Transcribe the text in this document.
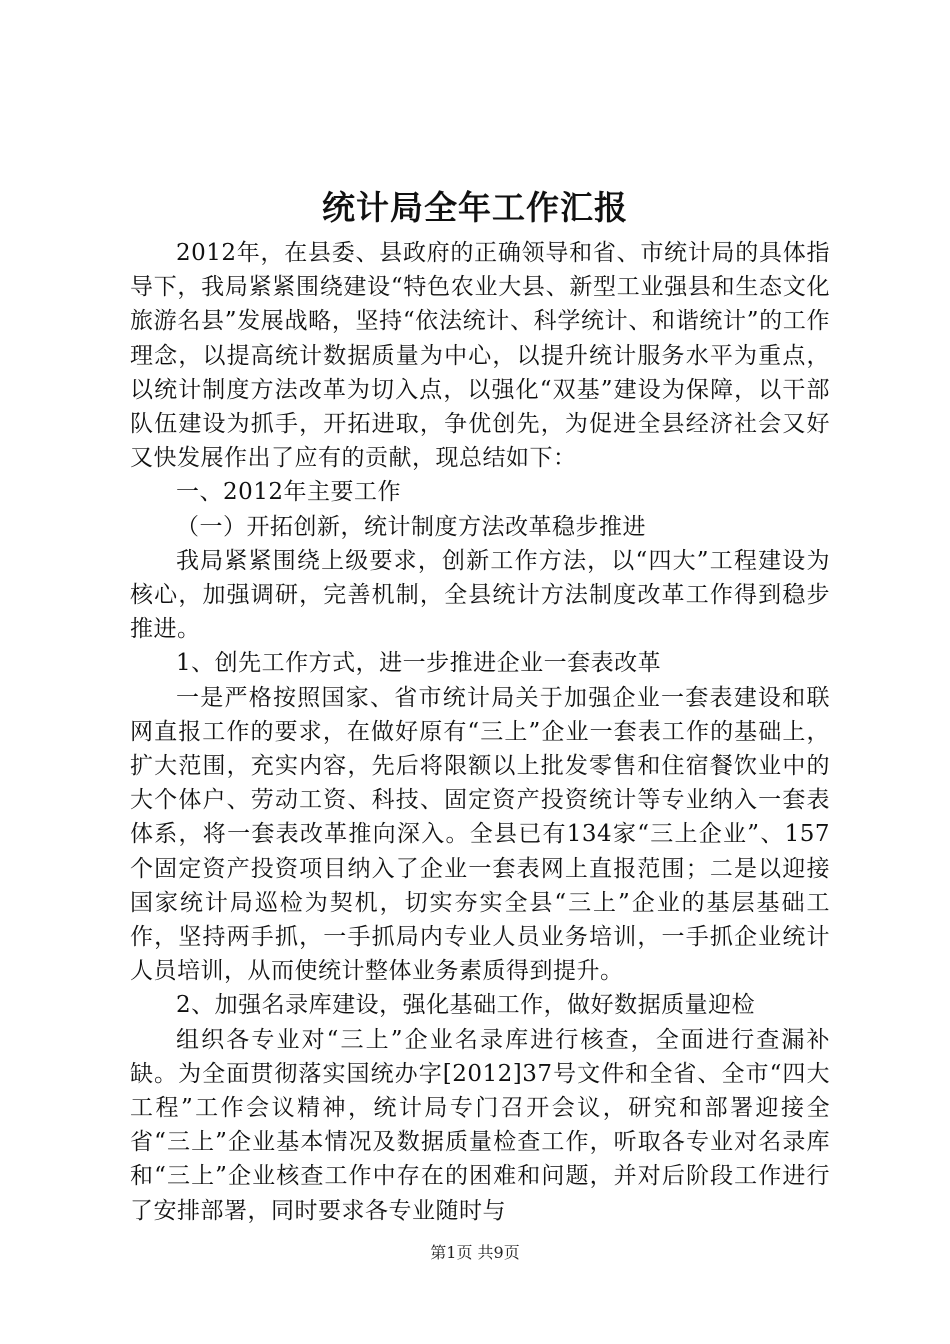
统计局全年工作汇报

2012年，在县委、县政府的正确领导和省、市统计局的具体指导下，我局紧紧围绕建设“特色农业大县、新型工业强县和生态文化旅游名县”发展战略，坚持“依法统计、科学统计、和谐统计”的工作理念，以提高统计数据质量为中心，以提升统计服务水平为重点，以统计制度方法改革为切入点，以强化“双基”建设为保障，以干部队伍建设为抓手，开拓进取，争优创先，为促进全县经济社会又好又快发展作出了应有的贡献，现总结如下：

一、2012年主要工作

（一）开拓创新，统计制度方法改革稳步推进

我局紧紧围绕上级要求，创新工作方法，以“四大”工程建设为核心，加强调研，完善机制，全县统计方法制度改革工作得到稳步推进。

1、创先工作方式，进一步推进企业一套表改革

一是严格按照国家、省市统计局关于加强企业一套表建设和联网直报工作的要求，在做好原有“三上”企业一套表工作的基础上，扩大范围，充实内容，先后将限额以上批发零售和住宿餐饮业中的大个体户、劳动工资、科技、固定资产投资统计等专业纳入一套表体系，将一套表改革推向深入。全县已有134家“三上企业”、157个固定资产投资项目纳入了企业一套表网上直报范围；二是以迎接国家统计局巡检为契机，切实夯实全县“三上”企业的基层基础工作，坚持两手抓，一手抓局内专业人员业务培训，一手抓企业统计人员培训，从而使统计整体业务素质得到提升。

2、加强名录库建设，强化基础工作，做好数据质量迎检

组织各专业对“三上”企业名录库进行核查，全面进行查漏补缺。为全面贯彻落实国统办字[2012]37号文件和全省、全市“四大工程”工作会议精神，统计局专门召开会议，研究和部署迎接全省“三上”企业基本情况及数据质量检查工作，听取各专业对名录库和“三上”企业核查工作中存在的困难和问题，并对后阶段工作进行了安排部署，同时要求各专业随时与

第1页 共9页
